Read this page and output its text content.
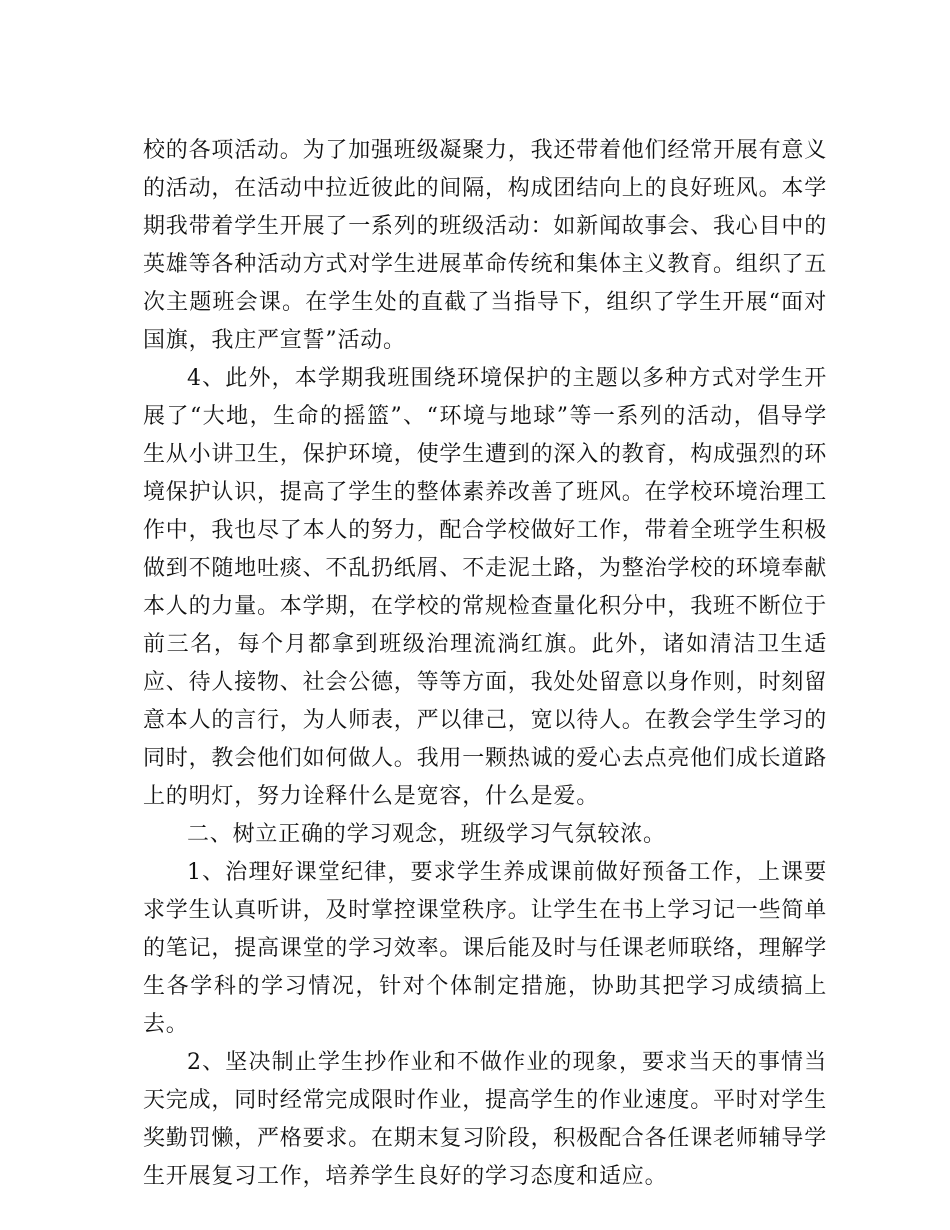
校的各项活动。为了加强班级凝聚力，我还带着他们经常开展有意义的活动，在活动中拉近彼此的间隔，构成团结向上的良好班风。本学期我带着学生开展了一系列的班级活动：如新闻故事会、我心目中的英雄等各种活动方式对学生进展革命传统和集体主义教育。组织了五次主题班会课。在学生处的直截了当指导下，组织了学生开展“面对国旗，我庄严宣誓”活动。

4、此外，本学期我班围绕环境保护的主题以多种方式对学生开展了“大地，生命的摇篮”、“环境与地球”等一系列的活动，倡导学生从小讲卫生，保护环境，使学生遭到的深入的教育，构成强烈的环境保护认识，提高了学生的整体素养改善了班风。在学校环境治理工作中，我也尽了本人的努力，配合学校做好工作，带着全班学生积极做到不随地吐痰、不乱扔纸屑、不走泥土路，为整治学校的环境奉献本人的力量。本学期，在学校的常规检查量化积分中，我班不断位于前三名，每个月都拿到班级治理流淌红旗。此外，诸如清洁卫生适应、待人接物、社会公德，等等方面，我处处留意以身作则，时刻留意本人的言行，为人师表，严以律己，宽以待人。在教会学生学习的同时，教会他们如何做人。我用一颗热诚的爱心去点亮他们成长道路上的明灯，努力诠释什么是宽容，什么是爱。

二、树立正确的学习观念，班级学习气氛较浓。

1、治理好课堂纪律，要求学生养成课前做好预备工作，上课要求学生认真听讲，及时掌控课堂秩序。让学生在书上学习记一些简单的笔记，提高课堂的学习效率。课后能及时与任课老师联络，理解学生各学科的学习情况，针对个体制定措施，协助其把学习成绩搞上去。

2、坚决制止学生抄作业和不做作业的现象，要求当天的事情当天完成，同时经常完成限时作业，提高学生的作业速度。平时对学生奖勤罚懒，严格要求。在期末复习阶段，积极配合各任课老师辅导学生开展复习工作，培养学生良好的学习态度和适应。
